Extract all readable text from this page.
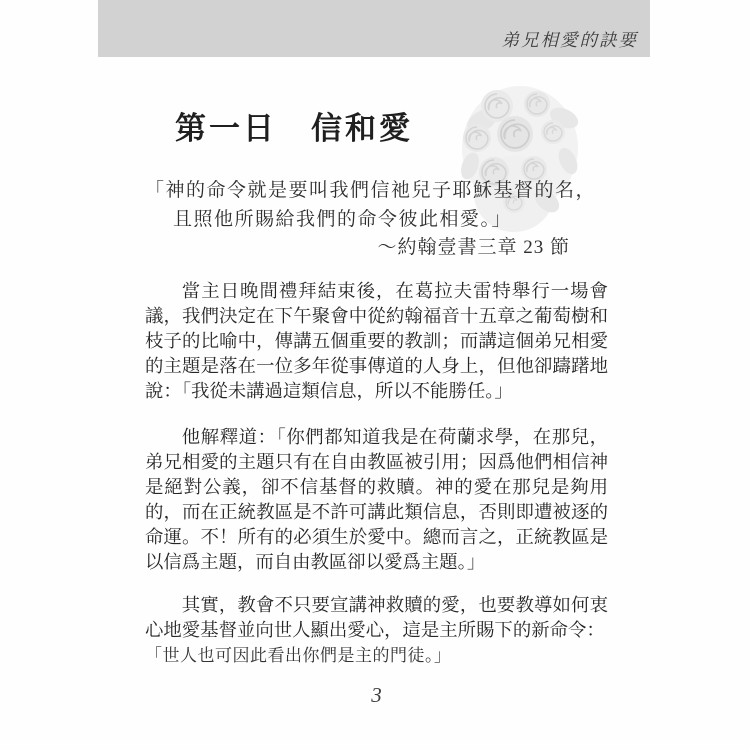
弟兄相愛的訣要
第一日　信和愛
「神的命令就是要叫我們信祂兒子耶穌基督的名，
且照他所賜給我們的命令彼此相愛。」
～約翰壹書三章 23 節

當主日晚間禮拜結束後，在葛拉夫雷特舉行一場會議，我們決定在下午聚會中從約翰福音十五章之葡萄樹和枝子的比喻中，傳講五個重要的教訓；而講這個弟兄相愛的主題是落在一位多年從事傳道的人身上，但他卻躊躇地說：「我從未講過這類信息，所以不能勝任。」

他解釋道：「你們都知道我是在荷蘭求學，在那兒，弟兄相愛的主題只有在自由教區被引用；因爲他們相信神是絕對公義，卻不信基督的救贖。神的愛在那兒是夠用的，而在正統教區是不許可講此類信息，否則即遭被逐的命運。不！所有的必須生於愛中。總而言之，正統教區是以信爲主題，而自由教區卻以愛爲主題。」

其實，教會不只要宣講神救贖的愛，也要教導如何衷心地愛基督並向世人顯出愛心，這是主所賜下的新命令：
「世人也可因此看出你們是主的門徒。」

3
